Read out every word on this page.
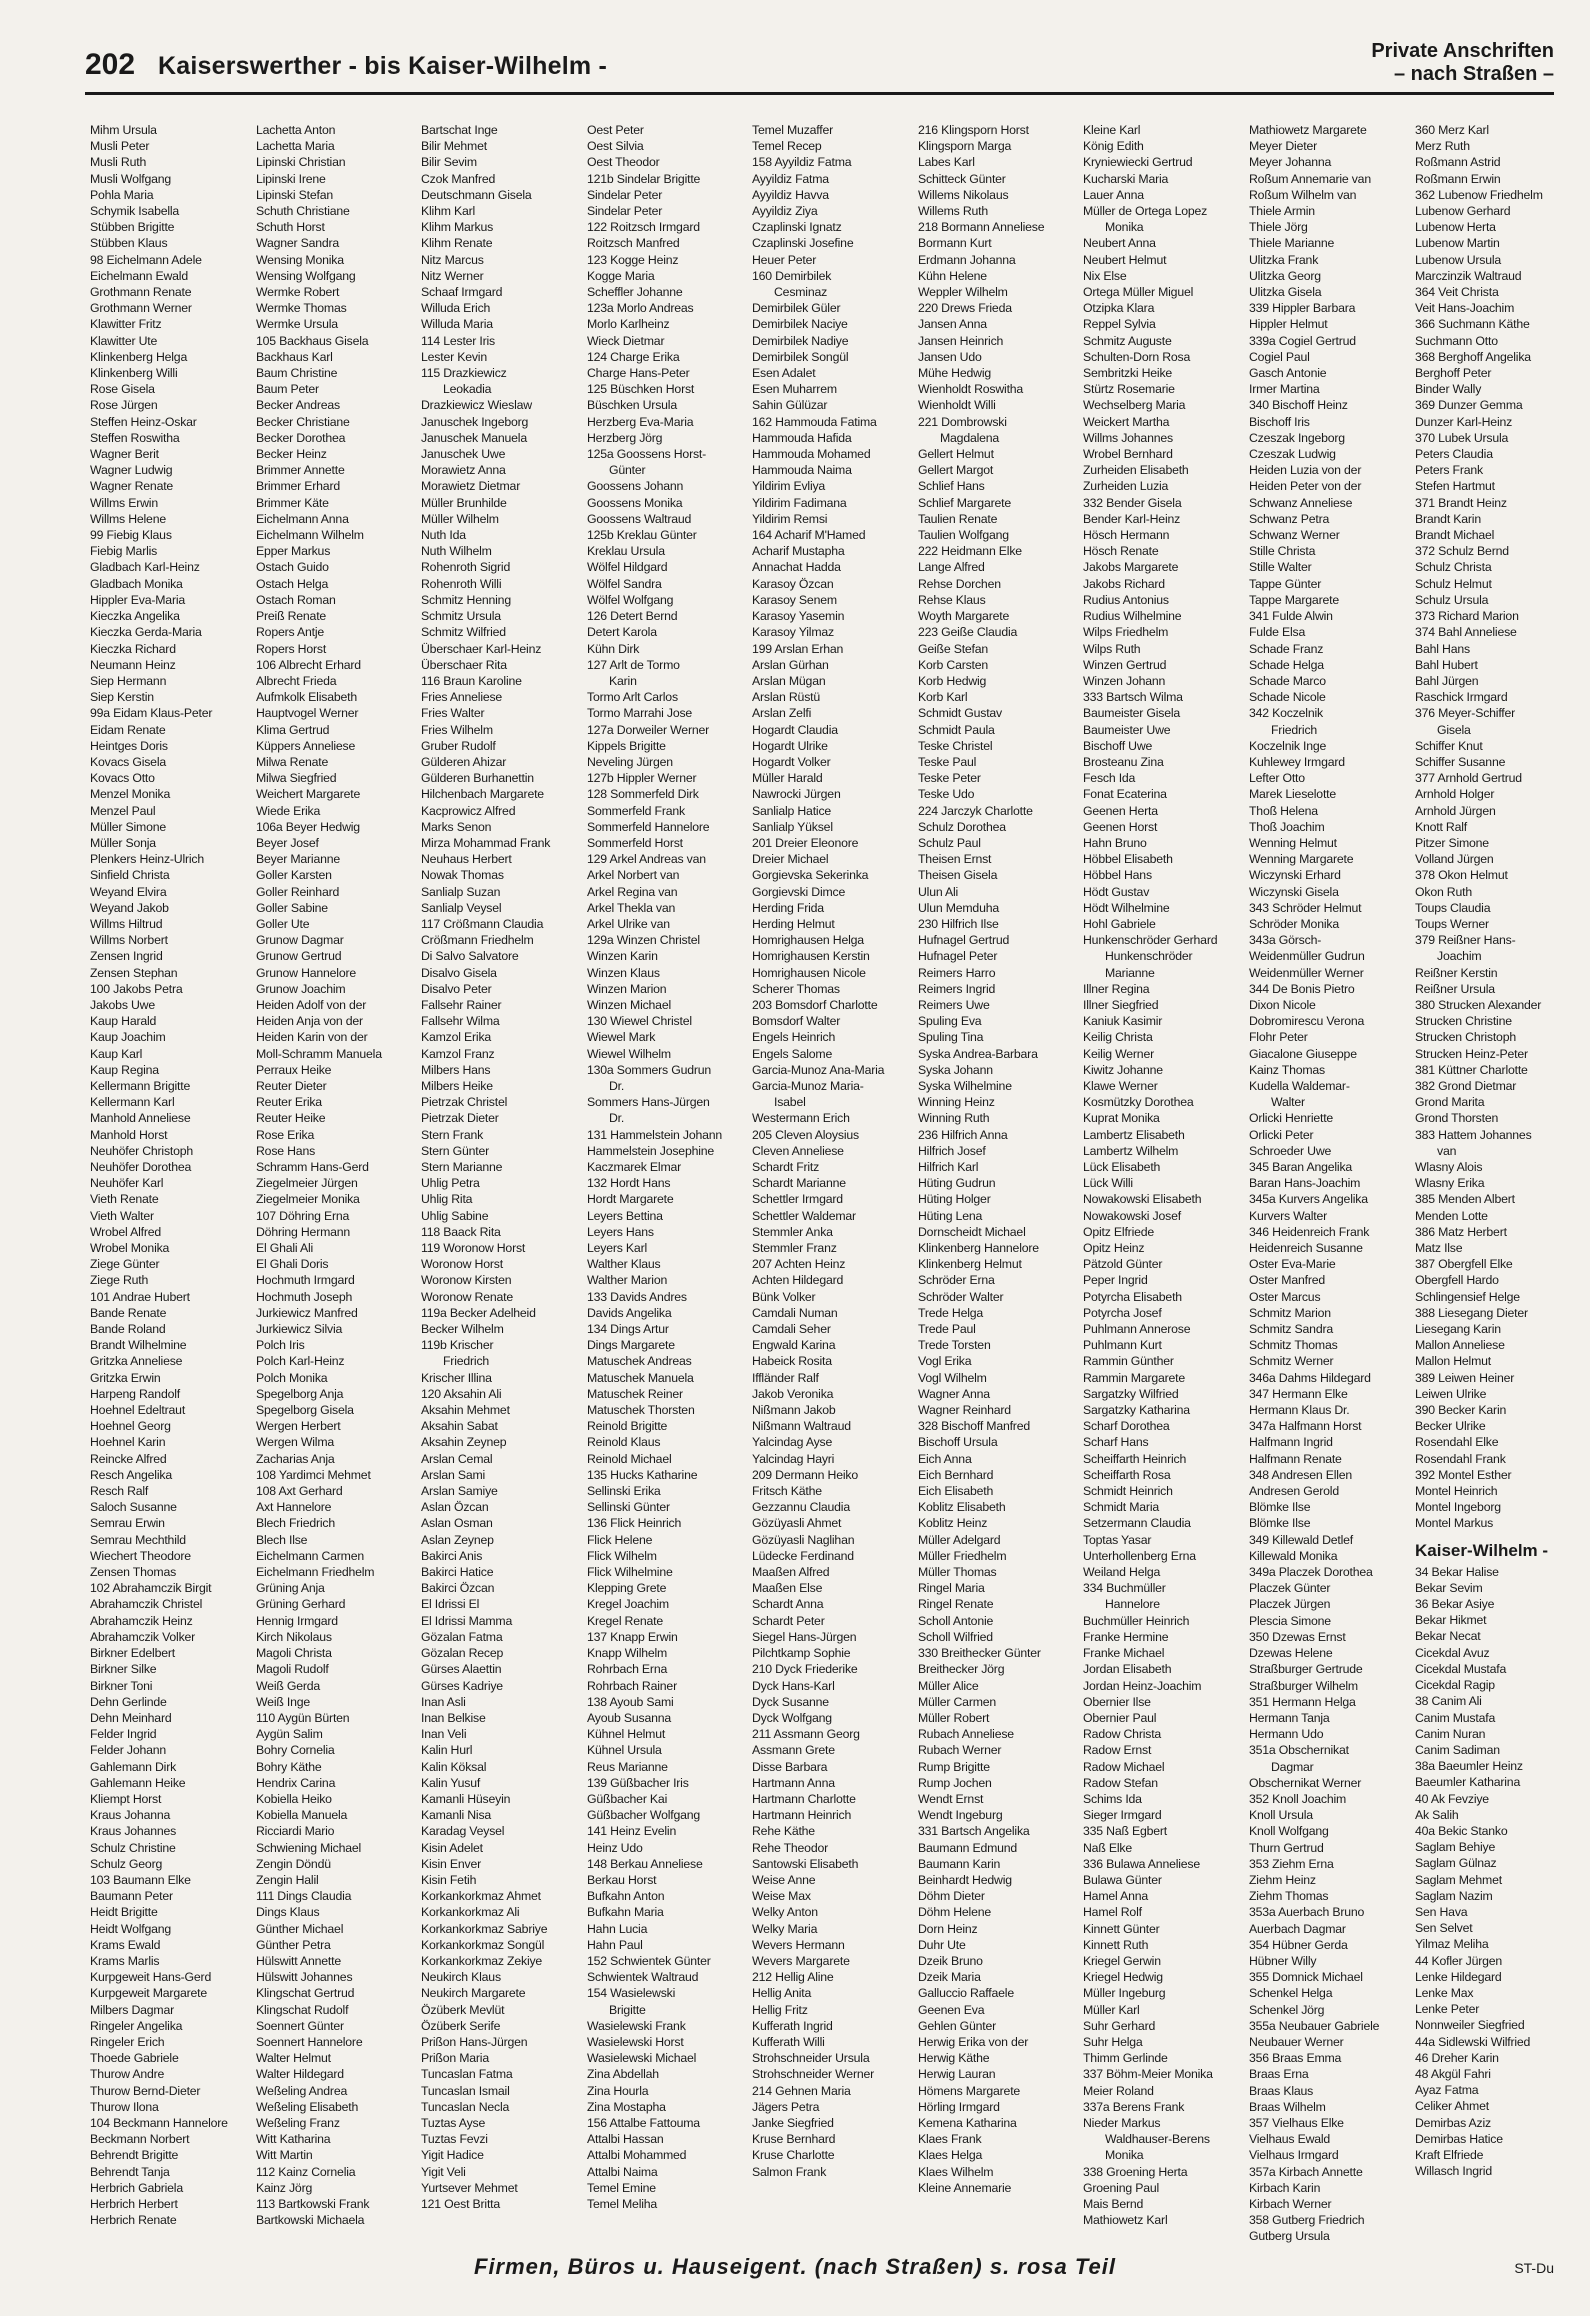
202 Kaiserswerther - bis Kaiser-Wilhelm -
Private Anschriften
– nach Straßen –
Mihm Ursula
Musli Peter
Musli Ruth
Musli Wolfgang
Pohla Maria
Schymik Isabella
Stübben Brigitte
Stübben Klaus
98 Eichelmann Adele
Eichelmann Ewald
Grothmann Renate
Grothmann Werner
Klawitter Fritz
Klawitter Ute
Klinkenberg Helga
Klinkenberg Willi
Rose Gisela
Rose Jürgen
Steffen Heinz-Oskar
Steffen Roswitha
Wagner Berit
Wagner Ludwig
Wagner Renate
Willms Erwin
Willms Helene
99 Fiebig Klaus
Fiebig Marlis
Gladbach Karl-Heinz
Gladbach Monika
Hippler Eva-Maria
Kieczka Angelika
Kieczka Gerda-Maria
Kieczka Richard
Neumann Heinz
Siep Hermann
Siep Kerstin
99a Eidam Klaus-Peter
Eidam Renate
Heintges Doris
Kovacs Gisela
Kovacs Otto
Menzel Monika
Menzel Paul
Müller Simone
Müller Sonja
Plenkers Heinz-Ulrich
Sinfield Christa
Weyand Elvira
Weyand Jakob
Willms Hiltrud
Willms Norbert
Zensen Ingrid
Zensen Stephan
100 Jakobs Petra
Jakobs Uwe
Kaup Harald
Kaup Joachim
Kaup Karl
Kaup Regina
Kellermann Brigitte
Kellermann Karl
Manhold Anneliese
Manhold Horst
Neuhöfer Christoph
Neuhöfer Dorothea
Neuhöfer Karl
Vieth Renate
Vieth Walter
Wrobel Alfred
Wrobel Monika
Ziege Günter
Ziege Ruth
101 Andrae Hubert
Bande Renate
Bande Roland
Brandt Wilhelmine
Gritzka Anneliese
Gritzka Erwin
Harpeng Randolf
Hoehnel Edeltraut
Hoehnel Georg
Hoehnel Karin
Reincke Alfred
Resch Angelika
Resch Ralf
Saloch Susanne
Semrau Erwin
Semrau Mechthild
Wiechert Theodore
Zensen Thomas
102 Abrahamczik Birgit
Abrahamczik Christel
Abrahamczik Heinz
Abrahamczik Volker
Birkner Edelbert
Birkner Silke
Birkner Toni
Dehn Gerlinde
Dehn Meinhard
Felder Ingrid
Felder Johann
Gahlemann Dirk
Gahlemann Heike
Kliempt Horst
Kraus Johanna
Kraus Johannes
Schulz Christine
Schulz Georg
103 Baumann Elke
Baumann Peter
Heidt Brigitte
Heidt Wolfgang
Krams Ewald
Krams Marlis
Kurpgeweit Hans-Gerd
Kurpgeweit Margarete
Milbers Dagmar
Ringeler Angelika
Ringeler Erich
Thoede Gabriele
Thurow Andre
Thurow Bernd-Dieter
Thurow Ilona
104 Beckmann Hannelore
Beckmann Norbert
Behrendt Brigitte
Behrendt Tanja
Herbrich Gabriela
Herbrich Herbert
Herbrich Renate
Lachetta Anton
Lachetta Maria
Lipinski Christian
Lipinski Irene
Lipinski Stefan
Schuth Christiane
Schuth Horst
Wagner Sandra
Wensing Monika
Wensing Wolfgang
Wermke Robert
Wermke Thomas
Wermke Ursula
105 Backhaus Gisela
Backhaus Karl
Baum Christine
Baum Peter
Becker Andreas
Becker Christiane
Becker Dorothea
Becker Heinz
Brimmer Annette
Brimmer Erhard
Brimmer Käte
Eichelmann Anna
Eichelmann Wilhelm
Epper Markus
Ostach Guido
Ostach Helga
Ostach Roman
Preiß Renate
Ropers Antje
Ropers Horst
106 Albrecht Erhard
Albrecht Frieda
Aufmkolk Elisabeth
Hauptvogel Werner
Klima Gertrud
Küppers Anneliese
Milwa Renate
Milwa Siegfried
Weichert Margarete
Wiede Erika
106a Beyer Hedwig
Beyer Josef
Beyer Marianne
Goller Karsten
Goller Reinhard
Goller Sabine
Goller Ute
Grunow Dagmar
Grunow Gertrud
Grunow Hannelore
Grunow Joachim
Heiden Adolf von der
Heiden Anja von der
Heiden Karin von der
Moll-Schramm Manuela
Perraux Heike
Reuter Dieter
Reuter Erika
Reuter Heike
Rose Erika
Rose Hans
Schramm Hans-Gerd
Ziegelmeier Jürgen
Ziegelmeier Monika
107 Döhring Erna
Döhring Hermann
El Ghali Ali
El Ghali Doris
Hochmuth Irmgard
Hochmuth Joseph
Jurkiewicz Manfred
Jurkiewicz Silvia
Polch Iris
Polch Karl-Heinz
Polch Monika
Spegelborg Anja
Spegelborg Gisela
Wergen Herbert
Wergen Wilma
Zacharias Anja
108 Yardimci Mehmet
108 Axt Gerhard
Axt Hannelore
Blech Friedrich
Blech Ilse
Eichelmann Carmen
Eichelmann Friedhelm
Grüning Anja
Grüning Gerhard
Hennig Irmgard
Kirch Nikolaus
Magoli Christa
Magoli Rudolf
Weiß Gerda
Weiß Inge
110 Aygün Bürten
Aygün Salim
Bohry Cornelia
Bohry Käthe
Hendrix Carina
Kobiella Heiko
Kobiella Manuela
Ricciardi Mario
Schwiening Michael
Zengin Döndü
Zengin Halil
111 Dings Claudia
Dings Klaus
Günther Michael
Günther Petra
Hülswitt Annette
Hülswitt Johannes
Klingschat Gertrud
Klingschat Rudolf
Soennert Günter
Soennert Hannelore
Walter Helmut
Walter Hildegard
Weßeling Andrea
Weßeling Elisabeth
Weßeling Franz
Witt Katharina
Witt Martin
112 Kainz Cornelia
Kainz Jörg
113 Bartkowski Frank
Bartkowski Michaela
Bartschat Inge
Bilir Mehmet
Bilir Sevim
Czok Manfred
Deutschmann Gisela
Klihm Karl
Klihm Markus
Klihm Renate
Nitz Marcus
Nitz Werner
Schaaf Irmgard
Willuda Erich
Willuda Maria
114 Lester Iris
Lester Kevin
115 Drazkiewicz
Leokadia
Drazkiewicz Wieslaw
Januschek Ingeborg
Januschek Manuela
Januschek Uwe
Morawietz Anna
Morawietz Dietmar
Müller Brunhilde
Müller Wilhelm
Nuth Ida
Nuth Wilhelm
Rohenroth Sigrid
Rohenroth Willi
Schmitz Henning
Schmitz Ursula
Schmitz Wilfried
Überschaer Karl-Heinz
Überschaer Rita
116 Braun Karoline
Fries Anneliese
Fries Walter
Fries Wilhelm
Gruber Rudolf
Gülderen Ahizar
Gülderen Burhanettin
Hilchenbach Margarete
Kacprowicz Alfred
Marks Senon
Mirza Mohammad Frank
Neuhaus Herbert
Nowak Thomas
Sanlialp Suzan
Sanlialp Veysel
117 Crößmann Claudia
Crößmann Friedhelm
Di Salvo Salvatore
Disalvo Gisela
Disalvo Peter
Fallsehr Rainer
Fallsehr Wilma
Kamzol Erika
Kamzol Franz
Milbers Hans
Milbers Heike
Pietrzak Christel
Pietrzak Dieter
Stern Frank
Stern Günter
Stern Marianne
Uhlig Petra
Uhlig Rita
Uhlig Sabine
118 Baack Rita
119 Woronow Horst
Woronow Horst
Woronow Kirsten
Woronow Renate
119a Becker Adelheid
Becker Wilhelm
119b Krischer
Friedrich
Krischer Illina
120 Aksahin Ali
Aksahin Mehmet
Aksahin Sabat
Aksahin Zeynep
Arslan Cemal
Arslan Sami
Arslan Samiye
Aslan Özcan
Aslan Osman
Aslan Zeynep
Bakirci Anis
Bakirci Hatice
Bakirci Özcan
El Idrissi El
El Idrissi Mamma
Gözalan Fatma
Gözalan Recep
Gürses Alaettin
Gürses Kadriye
Inan Asli
Inan Belkise
Inan Veli
Kalin Hurl
Kalin Köksal
Kalin Yusuf
Kamanli Hüseyin
Kamanli Nisa
Karadag Veysel
Kisin Adelet
Kisin Enver
Kisin Fetih
Korkankorkmaz Ahmet
Korkankorkmaz Ali
Korkankorkmaz Sabriye
Korkankorkmaz Songül
Korkankorkmaz Zekiye
Neukirch Klaus
Neukirch Margarete
Özüberk Mevlüt
Özüberk Serife
Prißon Hans-Jürgen
Prißon Maria
Tuncaslan Fatma
Tuncaslan Ismail
Tuncaslan Necla
Tuztas Ayse
Tuztas Fevzi
Yigit Hadice
Yigit Veli
Yurtsever Mehmet
121 Oest Britta
Oest Peter
Oest Silvia
Oest Theodor
121b Sindelar Brigitte
Sindelar Peter
Sindelar Peter
122 Roitzsch Irmgard
Roitzsch Manfred
123 Kogge Heinz
Kogge Maria
Scheffler Johanne
123a Morlo Andreas
Morlo Karlheinz
Wieck Dietmar
124 Charge Erika
Charge Hans-Peter
125 Büschken Horst
Büschken Ursula
Herzberg Eva-Maria
Herzberg Jörg
125a Goossens Horst-
Günter
Goossens Johann
Goossens Monika
Goossens Waltraud
125b Kreklau Günter
Kreklau Ursula
Wölfel Hildgard
Wölfel Sandra
Wölfel Wolfgang
126 Detert Bernd
Detert Karola
Kühn Dirk
127 Arlt de Tormo
Karin
Tormo Arlt Carlos
Tormo Marrahi Jose
127a Dorweiler Werner
Kippels Brigitte
Neveling Jürgen
127b Hippler Werner
128 Sommerfeld Dirk
Sommerfeld Frank
Sommerfeld Hannelore
Sommerfeld Horst
129 Arkel Andreas van
Arkel Norbert van
Arkel Regina van
Arkel Thekla van
Arkel Ulrike van
129a Winzen Christel
Winzen Karin
Winzen Klaus
Winzen Marion
Winzen Michael
130 Wiewel Christel
Wiewel Mark
Wiewel Wilhelm
130a Sommers Gudrun
Dr.
Sommers Hans-Jürgen
Dr.
131 Hammelstein Johann
Hammelstein Josephine
Kaczmarek Elmar
132 Hordt Hans
Hordt Margarete
Leyers Bettina
Leyers Hans
Leyers Karl
Walther Klaus
Walther Marion
133 Davids Andres
Davids Angelika
134 Dings Artur
Dings Margarete
Matuschek Andreas
Matuschek Manuela
Matuschek Reiner
Matuschek Thorsten
Reinold Brigitte
Reinold Klaus
Reinold Michael
135 Hucks Katharine
Sellinski Erika
Sellinski Günter
136 Flick Heinrich
Flick Helene
Flick Wilhelm
Flick Wilhelmine
Klepping Grete
Kregel Joachim
Kregel Renate
137 Knapp Erwin
Knapp Wilhelm
Rohrbach Erna
Rohrbach Rainer
138 Ayoub Sami
Ayoub Susanna
Kühnel Helmut
Kühnel Ursula
Reus Marianne
139 Güßbacher Iris
Güßbacher Kai
Güßbacher Wolfgang
141 Heinz Evelin
Heinz Udo
148 Berkau Anneliese
Berkau Horst
Bufkahn Anton
Bufkahn Maria
Hahn Lucia
Hahn Paul
152 Schwientek Günter
Schwientek Waltraud
154 Wasielewski
Brigitte
Wasielewski Frank
Wasielewski Horst
Wasielewski Michael
Zina Abdellah
Zina Hourla
Zina Mostapha
156 Attalbe Fattouma
Attalbi Hassan
Attalbi Mohammed
Attalbi Naima
Temel Emine
Temel Meliha
Temel Muzaffer
Temel Recep
158 Ayyildiz Fatma
Ayyildiz Fatma
Ayyildiz Havva
Ayyildiz Ziya
Czaplinski Ignatz
Czaplinski Josefine
Heuer Peter
160 Demirbilek
Cesminaz
Demirbilek Güler
Demirbilek Naciye
Demirbilek Nadiye
Demirbilek Songül
Esen Adalet
Esen Muharrem
Sahin Gülüzar
162 Hammouda Fatima
Hammouda Hafida
Hammouda Mohamed
Hammouda Naima
Yildirim Evliya
Yildirim Fadimana
Yildirim Remsi
164 Acharif M'Hamed
Acharif Mustapha
Annachat Hadda
Karasoy Özcan
Karasoy Senem
Karasoy Yasemin
Karasoy Yilmaz
199 Arslan Erhan
Arslan Gürhan
Arslan Mügan
Arslan Rüstü
Arslan Zelfi
Hogardt Claudia
Hogardt Ulrike
Hogardt Volker
Müller Harald
Nawrocki Jürgen
Sanlialp Hatice
Sanlialp Yüksel
201 Dreier Eleonore
Dreier Michael
Gorgievska Sekerinka
Gorgievski Dimce
Herding Frida
Herding Helmut
Homrighausen Helga
Homrighausen Kerstin
Homrighausen Nicole
Scherer Thomas
203 Bomsdorf Charlotte
Bomsdorf Walter
Engels Heinrich
Engels Salome
Garcia-Munoz Ana-Maria
Garcia-Munoz Maria-
Isabel
Westermann Erich
205 Cleven Aloysius
Cleven Anneliese
Schardt Fritz
Schardt Marianne
Schettler Irmgard
Schettler Waldemar
Stemmler Anka
Stemmler Franz
207 Achten Heinz
Achten Hildegard
Bünk Volker
Camdali Numan
Camdali Seher
Engwald Karina
Habeick Rosita
Iffländer Ralf
Jakob Veronika
Nißmann Jakob
Nißmann Waltraud
Yalcindag Ayse
Yalcindag Hayri
209 Dermann Heiko
Fritsch Käthe
Gezzannu Claudia
Gözüyasli Ahmet
Gözüyasli Naglihan
Lüdecke Ferdinand
Maaßen Alfred
Maaßen Else
Schardt Anna
Schardt Peter
Siegel Hans-Jürgen
Pilchtkamp Sophie
210 Dyck Friederike
Dyck Hans-Karl
Dyck Susanne
Dyck Wolfgang
211 Assmann Georg
Assmann Grete
Disse Barbara
Hartmann Anna
Hartmann Charlotte
Hartmann Heinrich
Rehe Käthe
Rehe Theodor
Santowski Elisabeth
Weise Anne
Weise Max
Welky Anton
Welky Maria
Wevers Hermann
Wevers Margarete
212 Hellig Aline
Hellig Anita
Hellig Fritz
Kufferath Ingrid
Kufferath Willi
Strohschneider Ursula
Strohschneider Werner
214 Gehnen Maria
Jägers Petra
Janke Siegfried
Kruse Bernhard
Kruse Charlotte
Salmon Frank
216 Klingsporn Horst
Klingsporn Marga
Labes Karl
Schitteck Günter
Willems Nikolaus
Willems Ruth
218 Bormann Anneliese
Bormann Kurt
Erdmann Johanna
Kühn Helene
Weppler Wilhelm
220 Drews Frieda
Jansen Anna
Jansen Heinrich
Jansen Udo
Mühe Hedwig
Wienholdt Roswitha
Wienholdt Willi
221 Dombrowski
Magdalena
Gellert Helmut
Gellert Margot
Schlief Hans
Schlief Margarete
Taulien Renate
Taulien Wolfgang
222 Heidmann Elke
Lange Alfred
Rehse Dorchen
Rehse Klaus
Woyth Margarete
223 Geiße Claudia
Geiße Stefan
Korb Carsten
Korb Hedwig
Korb Karl
Schmidt Gustav
Schmidt Paula
Teske Christel
Teske Paul
Teske Peter
Teske Udo
224 Jarczyk Charlotte
Schulz Dorothea
Schulz Paul
Theisen Ernst
Theisen Gisela
Ulun Ali
Ulun Memduha
230 Hilfrich Ilse
Hufnagel Gertrud
Hufnagel Peter
Reimers Harro
Reimers Ingrid
Reimers Uwe
Spuling Eva
Spuling Tina
Syska Andrea-Barbara
Syska Johann
Syska Wilhelmine
Winning Heinz
Winning Ruth
236 Hilfrich Anna
Hilfrich Josef
Hilfrich Karl
Hüting Gudrun
Hüting Holger
Hüting Lena
Dornscheidt Michael
Klinkenberg Hannelore
Klinkenberg Helmut
Schröder Erna
Schröder Walter
Trede Helga
Trede Paul
Trede Torsten
Vogl Erika
Vogl Wilhelm
Wagner Anna
Wagner Reinhard
328 Bischoff Manfred
Bischoff Ursula
Eich Anna
Eich Bernhard
Eich Elisabeth
Koblitz Elisabeth
Koblitz Heinz
Müller Adelgard
Müller Friedhelm
Müller Thomas
Ringel Maria
Ringel Renate
Scholl Antonie
Scholl Wilfried
330 Breithecker Günter
Breithecker Jörg
Müller Alice
Müller Carmen
Müller Robert
Rubach Anneliese
Rubach Werner
Rump Brigitte
Rump Jochen
Wendt Ernst
Wendt Ingeburg
331 Bartsch Angelika
Baumann Edmund
Baumann Karin
Beinhardt Hedwig
Döhm Dieter
Döhm Helene
Dorn Heinz
Duhr Ute
Dzeik Bruno
Dzeik Maria
Galluccio Raffaele
Geenen Eva
Gehlen Günter
Herwig Erika von der
Herwig Käthe
Herwig Lauran
Hömens Margarete
Hörling Irmgard
Kemena Katharina
Klaes Frank
Klaes Helga
Klaes Wilhelm
Kleine Annemarie
Kleine Karl
König Edith
Kryniewiecki Gertrud
Kucharski Maria
Lauer Anna
Müller de Ortega Lopez
Monika
Neubert Anna
Neubert Helmut
Nix Else
Ortega Müller Miguel
Otzipka Klara
Reppel Sylvia
Schmitz Auguste
Schulten-Dorn Rosa
Sembritzki Heike
Stürtz Rosemarie
Wechselberg Maria
Weickert Martha
Willms Johannes
Wrobel Bernhard
Zurheiden Elisabeth
Zurheiden Luzia
332 Bender Gisela
Bender Karl-Heinz
Hösch Hermann
Hösch Renate
Jakobs Margarete
Jakobs Richard
Rudius Antonius
Rudius Wilhelmine
Wilps Friedhelm
Wilps Ruth
Winzen Gertrud
Winzen Johann
333 Bartsch Wilma
Baumeister Gisela
Baumeister Uwe
Bischoff Uwe
Brosteanu Zina
Fesch Ida
Fonat Ecaterina
Geenen Herta
Geenen Horst
Hahn Bruno
Höbbel Elisabeth
Höbbel Hans
Hödt Gustav
Hödt Wilhelmine
Hohl Gabriele
Hunkenschröder Gerhard
Hunkenschröder
Marianne
Illner Regina
Illner Siegfried
Kaniuk Kasimir
Keilig Christa
Keilig Werner
Kiwitz Johanne
Klawe Werner
Kosmützky Dorothea
Kuprat Monika
Lambertz Elisabeth
Lambertz Wilhelm
Lück Elisabeth
Lück Willi
Nowakowski Elisabeth
Nowakowski Josef
Opitz Elfriede
Opitz Heinz
Pätzold Günter
Peper Ingrid
Potyrcha Elisabeth
Potyrcha Josef
Puhlmann Annerose
Puhlmann Kurt
Rammin Günther
Rammin Margarete
Sargatzky Wilfried
Sargatzky Katharina
Scharf Dorothea
Scharf Hans
Scheiffarth Heinrich
Scheiffarth Rosa
Schmidt Heinrich
Schmidt Maria
Setzermann Claudia
Toptas Yasar
Unterhollenberg Erna
Weiland Helga
334 Buchmüller
Hannelore
Buchmüller Heinrich
Franke Hermine
Franke Michael
Jordan Elisabeth
Jordan Heinz-Joachim
Obernier Ilse
Obernier Paul
Radow Christa
Radow Ernst
Radow Michael
Radow Stefan
Schims Ida
Sieger Irmgard
335 Naß Egbert
Naß Elke
336 Bulawa Anneliese
Bulawa Günter
Hamel Anna
Hamel Rolf
Kinnett Günter
Kinnett Ruth
Kriegel Gerwin
Kriegel Hedwig
Müller Ingeburg
Müller Karl
Suhr Gerhard
Suhr Helga
Thimm Gerlinde
337 Böhm-Meier Monika
Meier Roland
337a Berens Frank
Nieder Markus
Waldhauser-Berens
Monika
338 Groening Herta
Groening Paul
Mais Bernd
Mathiowetz Karl
Mathiowetz Margarete
Meyer Dieter
Meyer Johanna
Roßum Annemarie van
Roßum Wilhelm van
Thiele Armin
Thiele Jörg
Thiele Marianne
Ulitzka Frank
Ulitzka Georg
Ulitzka Gisela
339 Hippler Barbara
Hippler Helmut
339a Cogiel Gertrud
Cogiel Paul
Gasch Antonie
Irmer Martina
340 Bischoff Heinz
Bischoff Iris
Czeszak Ingeborg
Czeszak Ludwig
Heiden Luzia von der
Heiden Peter von der
Schwanz Anneliese
Schwanz Petra
Schwanz Werner
Stille Christa
Stille Walter
Tappe Günter
Tappe Margarete
341 Fulde Alwin
Fulde Elsa
Schade Franz
Schade Helga
Schade Marco
Schade Nicole
342 Koczelnik
Friedrich
Koczelnik Inge
Kuhlewey Irmgard
Lefter Otto
Marek Lieselotte
Thoß Helena
Thoß Joachim
Wenning Helmut
Wenning Margarete
Wiczynski Erhard
Wiczynski Gisela
343 Schröder Helmut
Schröder Monika
343a Görsch-
Weidenmüller Gudrun
Weidenmüller Werner
344 De Bonis Pietro
Dixon Nicole
Dobromirescu Verona
Flohr Peter
Giacalone Giuseppe
Kainz Thomas
Kudella Waldemar-
Walter
Orlicki Henriette
Orlicki Peter
Schroeder Uwe
345 Baran Angelika
Baran Hans-Joachim
345a Kurvers Angelika
Kurvers Walter
346 Heidenreich Frank
Heidenreich Susanne
Oster Eva-Marie
Oster Manfred
Oster Marcus
Schmitz Marion
Schmitz Sandra
Schmitz Thomas
Schmitz Werner
346a Dahms Hildegard
347 Hermann Elke
Hermann Klaus Dr.
347a Halfmann Horst
Halfmann Ingrid
Halfmann Renate
348 Andresen Ellen
Andresen Gerold
Blömke Ilse
Blömke Ilse
349 Killewald Detlef
Killewald Monika
349a Placzek Dorothea
Placzek Günter
Placzek Jürgen
Plescia Simone
350 Dzewas Ernst
Dzewas Helene
Straßburger Gertrude
Straßburger Wilhelm
351 Hermann Helga
Hermann Tanja
Hermann Udo
351a Obschernikat
Dagmar
Obschernikat Werner
352 Knoll Joachim
Knoll Ursula
Knoll Wolfgang
Thurn Gertrud
353 Ziehm Erna
Ziehm Heinz
Ziehm Thomas
353a Auerbach Bruno
Auerbach Dagmar
354 Hübner Gerda
Hübner Willy
355 Domnick Michael
Schenkel Helga
Schenkel Jörg
355a Neubauer Gabriele
Neubauer Werner
356 Braas Emma
Braas Erna
Braas Klaus
Braas Wilhelm
357 Vielhaus Elke
Vielhaus Ewald
Vielhaus Irmgard
357a Kirbach Annette
Kirbach Karin
Kirbach Werner
358 Gutberg Friedrich
Gutberg Ursula
360 Merz Karl
Merz Ruth
Roßmann Astrid
Roßmann Erwin
362 Lubenow Friedhelm
Lubenow Gerhard
Lubenow Herta
Lubenow Martin
Lubenow Ursula
Marczinzik Waltraud
364 Veit Christa
Veit Hans-Joachim
366 Suchmann Käthe
Suchmann Otto
368 Berghoff Angelika
Berghoff Peter
Binder Wally
369 Dunzer Gemma
Dunzer Karl-Heinz
370 Lubek Ursula
Peters Claudia
Peters Frank
Stefen Hartmut
371 Brandt Heinz
Brandt Karin
Brandt Michael
372 Schulz Bernd
Schulz Christa
Schulz Helmut
Schulz Ursula
373 Richard Marion
374 Bahl Anneliese
Bahl Hans
Bahl Hubert
Bahl Jürgen
Raschick Irmgard
376 Meyer-Schiffer
Gisela
Schiffer Knut
Schiffer Susanne
377 Arnhold Gertrud
Arnhold Holger
Arnhold Jürgen
Knott Ralf
Pitzer Simone
Volland Jürgen
378 Okon Helmut
Okon Ruth
Toups Claudia
Toups Werner
379 Reißner Hans-
Joachim
Reißner Kerstin
Reißner Ursula
380 Strucken Alexander
Strucken Christine
Strucken Christoph
Strucken Heinz-Peter
381 Küttner Charlotte
382 Grond Dietmar
Grond Marita
Grond Thorsten
383 Hattem Johannes
van
Wlasny Alois
Wlasny Erika
385 Menden Albert
Menden Lotte
386 Matz Herbert
Matz Ilse
387 Obergfell Elke
Obergfell Hardo
Schlingensief Helge
388 Liesegang Dieter
Liesegang Karin
Mallon Anneliese
Mallon Helmut
389 Leiwen Heiner
Leiwen Ulrike
390 Becker Karin
Becker Ulrike
Rosendahl Elke
Rosendahl Frank
392 Montel Esther
Montel Heinrich
Montel Ingeborg
Montel Markus
Kaiser-Wilhelm -
34 Bekar Halise
Bekar Sevim
36 Bekar Asiye
Bekar Hikmet
Bekar Necat
Cicekdal Avuz
Cicekdal Mustafa
Cicekdal Ragip
38 Canim Ali
Canim Mustafa
Canim Nuran
Canim Sadiman
38a Baeumler Heinz
Baeumler Katharina
40 Ak Fevziye
Ak Salih
40a Bekic Stanko
Saglam Behiye
Saglam Gülnaz
Saglam Mehmet
Saglam Nazim
Sen Hava
Sen Selvet
Yilmaz Meliha
44 Kofler Jürgen
Lenke Hildegard
Lenke Max
Lenke Peter
Nonnweiler Siegfried
44a Sidlewski Wilfried
46 Dreher Karin
48 Akgül Fahri
Ayaz Fatma
Celiker Ahmet
Demirbas Aziz
Demirbas Hatice
Kraft Elfriede
Willasch Ingrid
Firmen, Büros u. Hauseigent. (nach Straßen) s. rosa Teil	ST-Du
